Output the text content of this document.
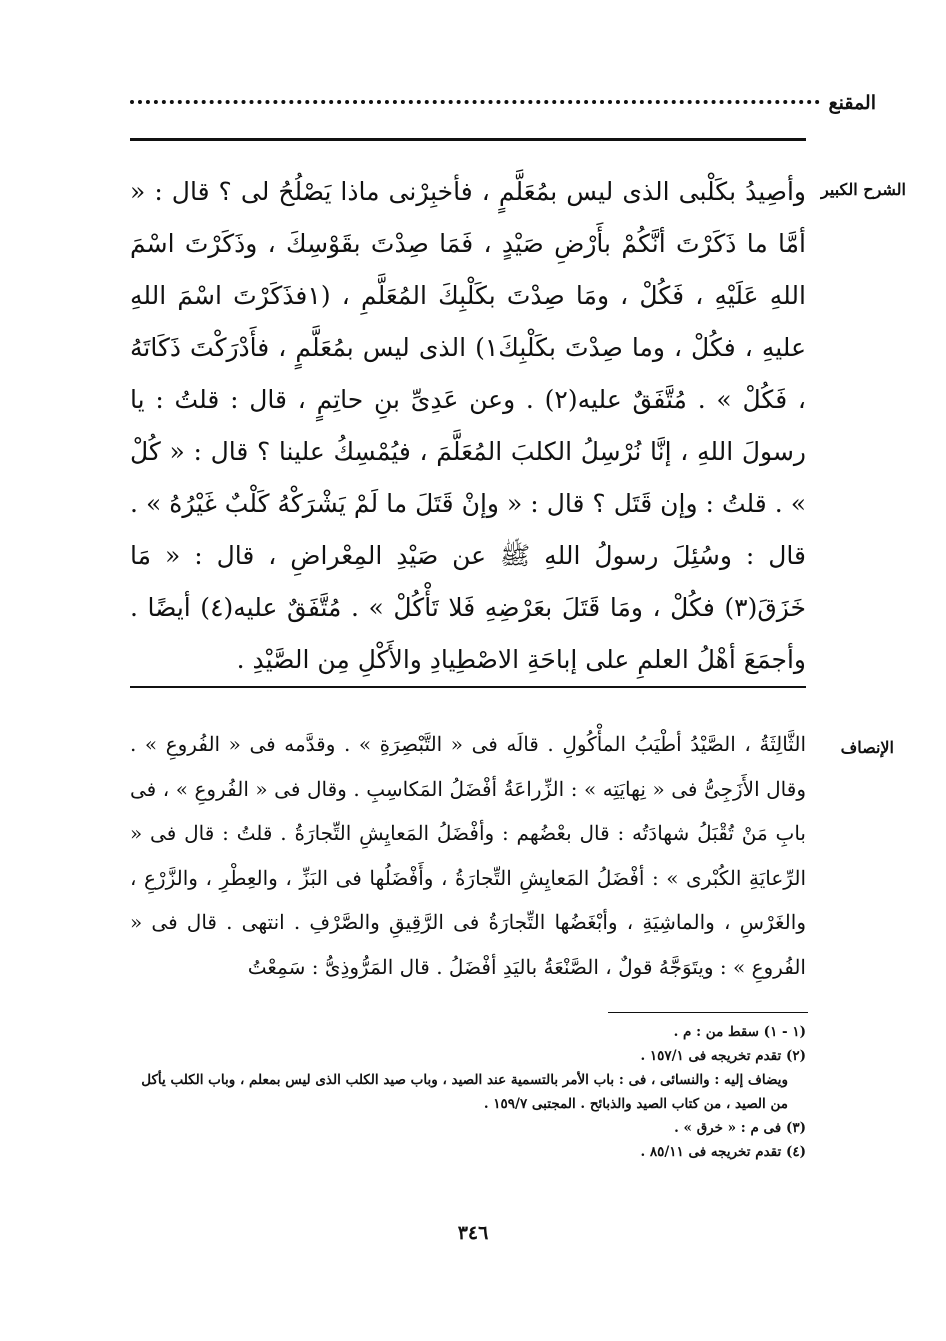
المقنع
الشرح الكبير

وأصِيدُ بكَلْبى الذى ليس بمُعَلَّمٍ ، فأخبِرْنى ماذا يَصْلُحُ لى ؟ قال : « أمَّا ما ذَكَرْتَ أنَّكُمْ بأَرْضِ صَيْدٍ ، فَمَا صِدْتَ بقَوْسِكَ ، وذَكَرْتَ اسْمَ اللهِ عَلَيْهِ ، فَكُلْ ، ومَا صِدْتَ بكَلْبِكَ المُعَلَّمِ ، (١فذَكَرْتَ اسْمَ اللهِ عليهِ ، فكُلْ ، وما صِدْتَ بكَلْبِكَ١) الذى ليس بمُعَلَّمٍ ، فأَدْرَكْتَ ذَكَاتَهُ ، فَكُلْ » . مُتَّفَقٌ عليه(٢) . وعن عَدِىِّ بنِ حاتِمٍ ، قال : قلتُ : يا رسولَ اللهِ ، إنَّا نُرْسِلُ الكلبَ المُعَلَّمَ ، فيُمْسِكُ علينا ؟ قال : « كُلْ » . قلتُ : وإن قَتَل ؟ قال : « وإنْ قَتَلَ ما لَمْ يَشْرَكْهُ كَلْبٌ غَيْرُهُ » . قال : وسُئِلَ رسولُ اللهِ ﷺ عن صَيْدِ المِعْراضِ ، قال : « مَا خَزَقَ(٣) فكُلْ ، ومَا قَتَلَ بعَرْضِهِ فَلا تَأْكُلْ » . مُتَّفَقٌ عليه(٤) أيضًا . وأجمَعَ أهْلُ العلمِ على إباحَةِ الاصْطِيادِ والأَكْلِ مِن الصَّيْدِ .

الإنصاف

الثَّالِثَةُ ، الصَّيْدُ أطْيَبُ المأْكُولِ . قالَه فى « التَّبْصِرَةِ » . وقدَّمه فى « الفُروعِ » . وقال الأَزَجِىُّ فى « نِهايَتِه » : الزِّراعَةُ أفْضَلُ المَكاسِبِ . وقال فى « الفُروعِ » ، فى بابِ مَنْ تُقْبَلُ شهادَتُه : قال بعْضُهم : وأفْضَلُ المَعايِشِ التِّجارَةُ . قلتُ : قال فى « الرِّعايَةِ الكُبْرى » : أفْضَلُ المَعايِشِ التِّجارَةُ ، وأَفْضَلُها فى البَزِّ ، والعِطْرِ ، والزَّرْعِ ، والغَرْسِ ، والماشِيَةِ ، وأبْغَضُها التِّجارَةُ فى الرَّقِيقِ والصَّرْفِ . انتهى . قال فى « الفُروعِ » : ويتَوَجَّهُ قولٌ ، الصَّنْعَةُ باليَدِ أفْضَلُ . قال المَرُّوذِىُّ : سَمِعْتُ

(١ - ١) سقط من : م .

(٢) تقدم تخريجه فى ١٥٧/١ .

ويضاف إليه : والنسائى ، فى : باب الأمر بالتسمية عند الصيد ، وباب صيد الكلب الذى ليس بمعلم ، وباب الكلب يأكل من الصيد ، من كتاب الصيد والذبائح . المجتبى ١٥٩/٧ .

(٣) فى م : « خرق » .

(٤) تقدم تخريجه فى ٨٥/١١ .

٣٤٦
